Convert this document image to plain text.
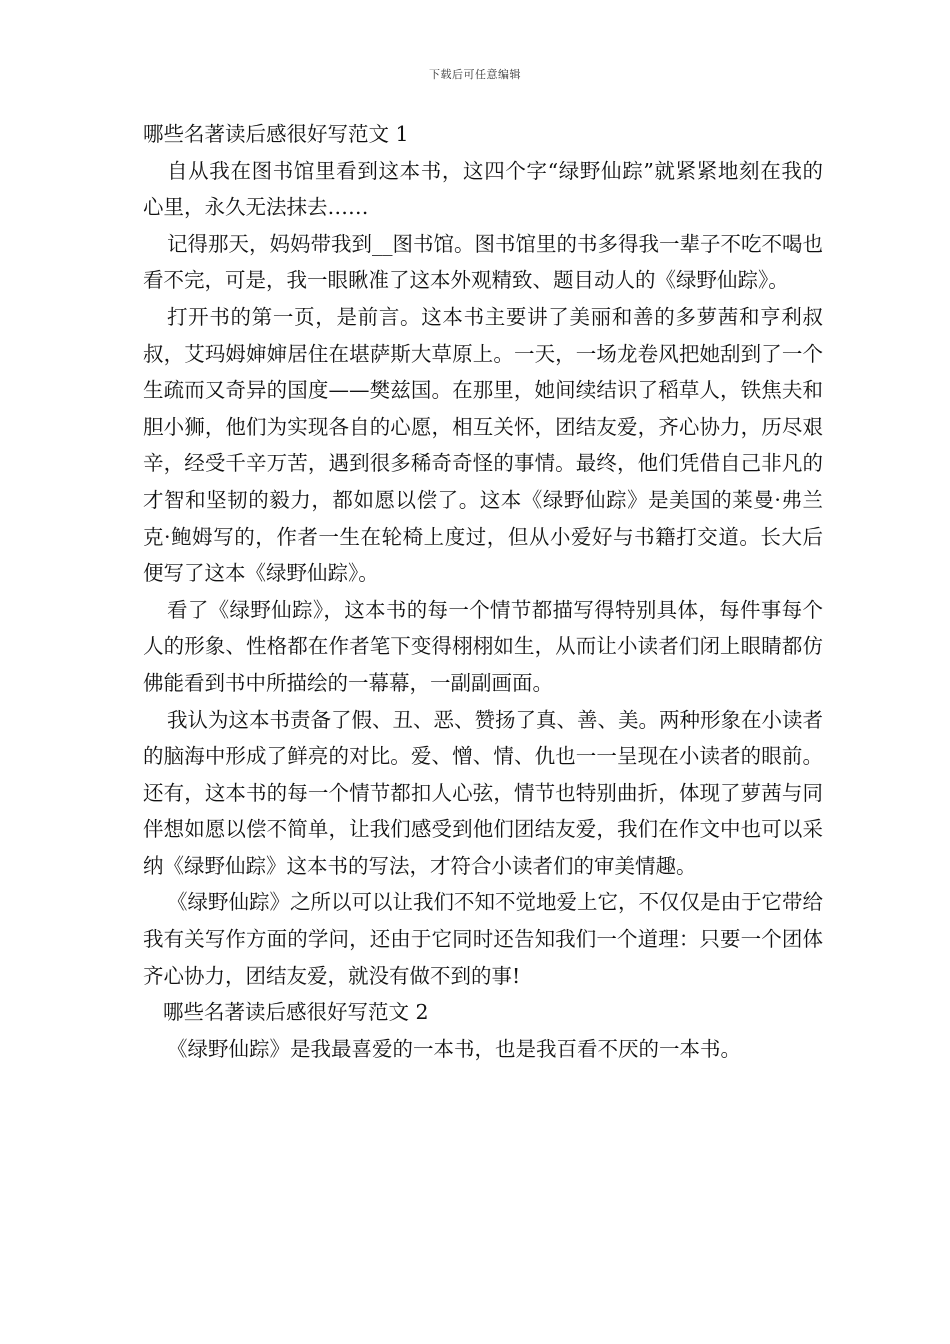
下载后可任意编辑

哪些名著读后感很好写范文 1

自从我在图书馆里看到这本书，这四个字“绿野仙踪”就紧紧地刻在我的心里，永久无法抹去……

记得那天，妈妈带我到__图书馆。图书馆里的书多得我一辈子不吃不喝也看不完，可是，我一眼瞅准了这本外观精致、题目动人的《绿野仙踪》。

打开书的第一页，是前言。这本书主要讲了美丽和善的多萝茜和亨利叔叔，艾玛姆婶婶居住在堪萨斯大草原上。一天，一场龙卷风把她刮到了一个生疏而又奇异的国度——樊兹国。在那里，她间续结识了稻草人，铁焦夫和胆小狮，他们为实现各自的心愿，相互关怀，团结友爱，齐心协力，历尽艰辛，经受千辛万苦，遇到很多稀奇奇怪的事情。最终，他们凭借自己非凡的才智和坚韧的毅力，都如愿以偿了。这本《绿野仙踪》是美国的莱曼·弗兰克·鲍姆写的，作者一生在轮椅上度过，但从小爱好与书籍打交道。长大后便写了这本《绿野仙踪》。

看了《绿野仙踪》，这本书的每一个情节都描写得特别具体，每件事每个人的形象、性格都在作者笔下变得栩栩如生，从而让小读者们闭上眼睛都仿佛能看到书中所描绘的一幕幕，一副副画面。

我认为这本书责备了假、丑、恶、赞扬了真、善、美。两种形象在小读者的脑海中形成了鲜亮的对比。爱、憎、情、仇也一一呈现在小读者的眼前。还有，这本书的每一个情节都扣人心弦，情节也特别曲折，体现了萝茜与同伴想如愿以偿不简单，让我们感受到他们团结友爱，我们在作文中也可以采纳《绿野仙踪》这本书的写法，才符合小读者们的审美情趣。

《绿野仙踪》之所以可以让我们不知不觉地爱上它，不仅仅是由于它带给我有关写作方面的学问，还由于它同时还告知我们一个道理：只要一个团体齐心协力，团结友爱，就没有做不到的事!

哪些名著读后感很好写范文 2

《绿野仙踪》是我最喜爱的一本书，也是我百看不厌的一本书。
